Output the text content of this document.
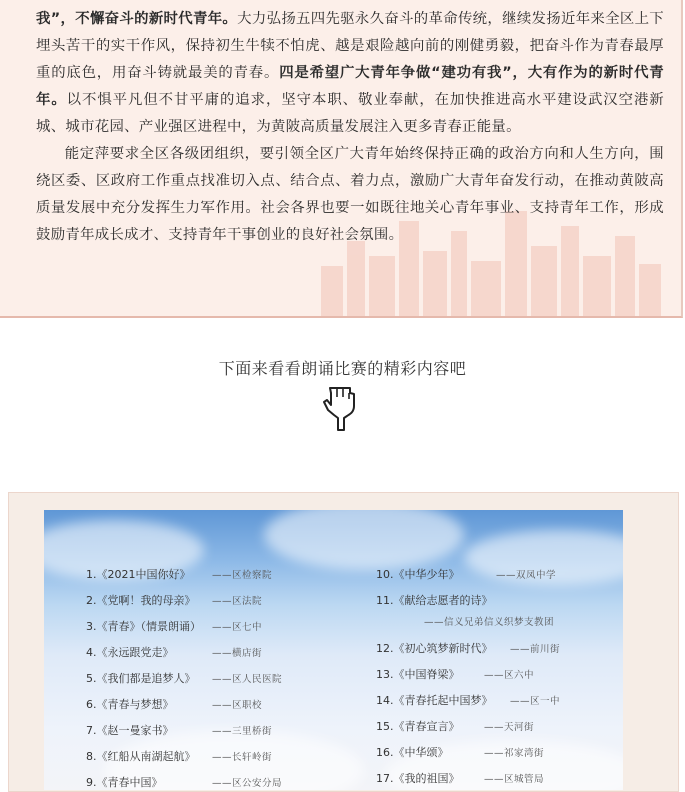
我”，不懈奋斗的新时代青年。大力弘扬五四先驱永久奋斗的革命传统，继续发扬近年来全区上下埋头苦干的实干作风，保持初生牛犊不怕虎、越是艰险越向前的刚健勇毅，把奋斗作为青春最厚重的底色，用奋斗铸就最美的青春。四是希望广大青年争做“建功有我”，大有作为的新时代青年。以不惧平凡但不甘平庸的追求，坚守本职、敬业奉献，在加快推进高水平建设武汉空港新城、城市花园、产业强区进程中，为黄陂高质量发展注入更多青春正能量。

能定萍要求全区各级团组织，要引领全区广大青年始终保持正确的政治方向和人生方向，围绕区委、区政府工作重点找准切入点、结合点、着力点，激励广大青年奋发行动，在推动黄陂高质量发展中充分发挥生力军作用。社会各界也要一如既往地关心青年事业、支持青年工作，形成鼓励青年成长成才、支持青年干事创业的良好社会氛围。

下面来看看朗诵比赛的精彩内容吧
1.《2021中国你好》 ——区检察院
2.《党啊！我的母亲》 ——区法院
3.《青春》（情景朗诵） ——区七中
4.《永远跟党走》	——横店街
5.《我们都是追梦人》 ——区人民医院
6.《青春与梦想》	——区职校
7.《赵一曼家书》	——三里桥街
8.《红船从南湖起航》 ——长轩岭街
9.《青春中国》	——区公安分局
10.《中华少年》	——双凤中学
11.《献给志愿者的诗》
——信义兄弟信义织梦支教团
12.《初心筑梦新时代》 ——前川街
13.《中国脊梁》	——区六中
14.《青春托起中国梦》 ——区一中
15.《青春宣言》	——天河街
16.《中华颂》	——祁家湾街
17.《我的祖国》	——区城管局
